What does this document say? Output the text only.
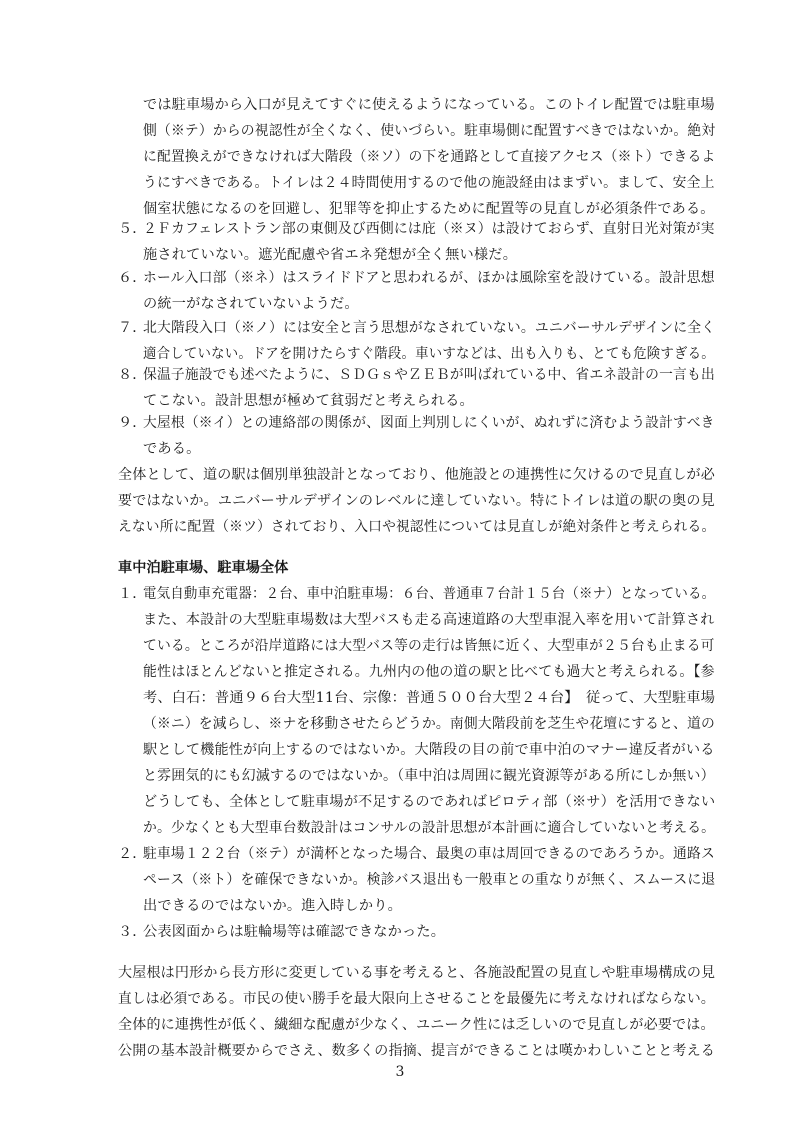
では駐車場から入口が見えてすぐに使えるようになっている。このトイレ配置では駐車場
側（※テ）からの視認性が全くなく、使いづらい。駐車場側に配置すべきではないか。絶対
に配置換えができなければ大階段（※ソ）の下を通路として直接アクセス（※ト）できるよ
うにすべきである。トイレは２４時間使用するので他の施設経由はまずい。まして、安全上
個室状態になるのを回避し、犯罪等を抑止するために配置等の見直しが必須条件である。
５．
２Ｆカフェレストラン部の東側及び西側には庇（※ヌ）は設けておらず、直射日光対策が実
施されていない。遮光配慮や省エネ発想が全く無い様だ。
６．
ホール入口部（※ネ）はスライドドアと思われるが、ほかは風除室を設けている。設計思想
の統一がなされていないようだ。
７．
北大階段入口（※ノ）には安全と言う思想がなされていない。ユニバーサルデザインに全く
適合していない。ドアを開けたらすぐ階段。車いすなどは、出も入りも、とても危険すぎる。
８．
保温子施設でも述べたように、ＳＤＧｓやＺＥＢが叫ばれている中、省エネ設計の一言も出
てこない。設計思想が極めて貧弱だと考えられる。
９．
大屋根（※イ）との連絡部の関係が、図面上判別しにくいが、ぬれずに済むよう設計すべき
である。
全体として、道の駅は個別単独設計となっており、他施設との連携性に欠けるので見直しが必
要ではないか。ユニバーサルデザインのレベルに達していない。特にトイレは道の駅の奥の見
えない所に配置（※ツ）されており、入口や視認性については見直しが絶対条件と考えられる。
車中泊駐車場、駐車場全体
１．
電気自動車充電器：２台、車中泊駐車場：６台、普通車７台計１５台（※ナ）となっている。
また、本設計の大型駐車場数は大型バスも走る高速道路の大型車混入率を用いて計算され
ている。ところが沿岸道路には大型バス等の走行は皆無に近く、大型車が２５台も止まる可
能性はほとんどないと推定される。九州内の他の道の駅と比べても過大と考えられる。【参
考、白石：普通９６台大型11台、宗像：普通５００台大型２４台】　従って、大型駐車場
（※ニ）を減らし、※ナを移動させたらどうか。南側大階段前を芝生や花壇にすると、道の
駅として機能性が向上するのではないか。大階段の目の前で車中泊のマナー違反者がいる
と雰囲気的にも幻滅するのではないか。（車中泊は周囲に観光資源等がある所にしか無い）
どうしても、全体として駐車場が不足するのであればピロティ部（※サ）を活用できない
か。少なくとも大型車台数設計はコンサルの設計思想が本計画に適合していないと考える。
２．
駐車場１２２台（※テ）が満杯となった場合、最奥の車は周回できるのであろうか。通路ス
ペース（※ト）を確保できないか。検診バス退出も一般車との重なりが無く、スムースに退
出できるのではないか。進入時しかり。
３．
公表図面からは駐輪場等は確認できなかった。
大屋根は円形から長方形に変更している事を考えると、各施設配置の見直しや駐車場構成の見
直しは必須である。市民の使い勝手を最大限向上させることを最優先に考えなければならない。
全体的に連携性が低く、繊細な配慮が少なく、ユニーク性には乏しいので見直しが必要では。
公開の基本設計概要からでさえ、数多くの指摘、提言ができることは嘆かわしいことと考える
3
